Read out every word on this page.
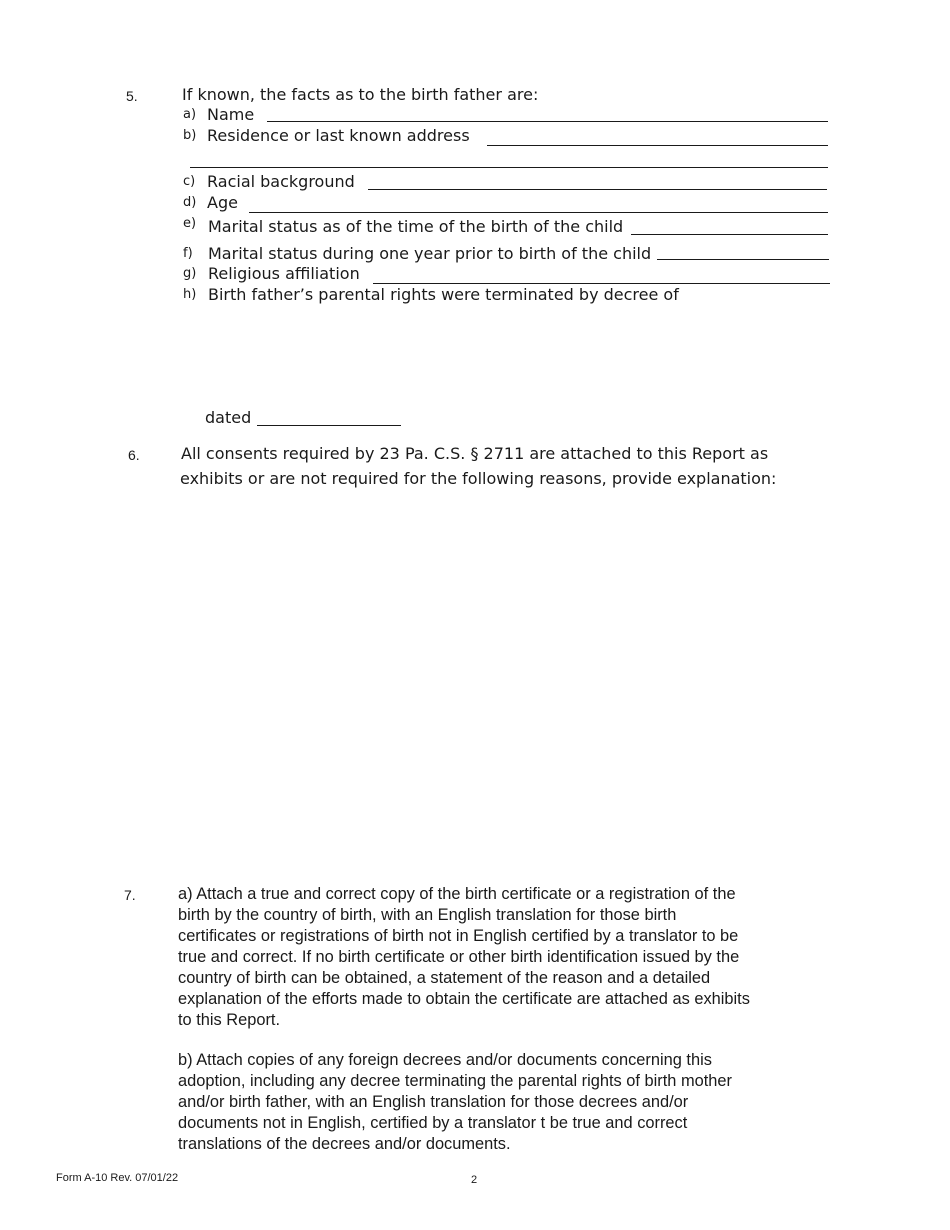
5.	If known, the facts as to the birth father are:
a) Name
b) Residence or last known address
c) Racial background
d) Age
e) Marital status as of the time of the birth of the child
f) Marital status during one year prior to birth of the child
g) Religious affiliation
h) Birth father’s parental rights were terminated by decree of
dated
6.	All consents required by 23 Pa. C.S. § 2711 are attached to this Report as
exhibits or are not required for the following reasons, provide explanation:
7.	a) Attach a true and correct copy of the birth certificate or a registration of the
birth by the country of birth, with an English translation for those birth
certificates or registrations of birth not in English certified by a translator to be
true and correct. If no birth certificate or other birth identification issued by the
country of birth can be obtained, a statement of the reason and a detailed
explanation of the efforts made to obtain the certificate are attached as exhibits
to this Report.
b) Attach copies of any foreign decrees and/or documents concerning this
adoption, including any decree terminating the parental rights of birth mother
and/or birth father, with an English translation for those decrees and/or
documents not in English, certified by a translator t be true and correct
translations of the decrees and/or documents.
Form A-10 Rev. 07/01/22	2
